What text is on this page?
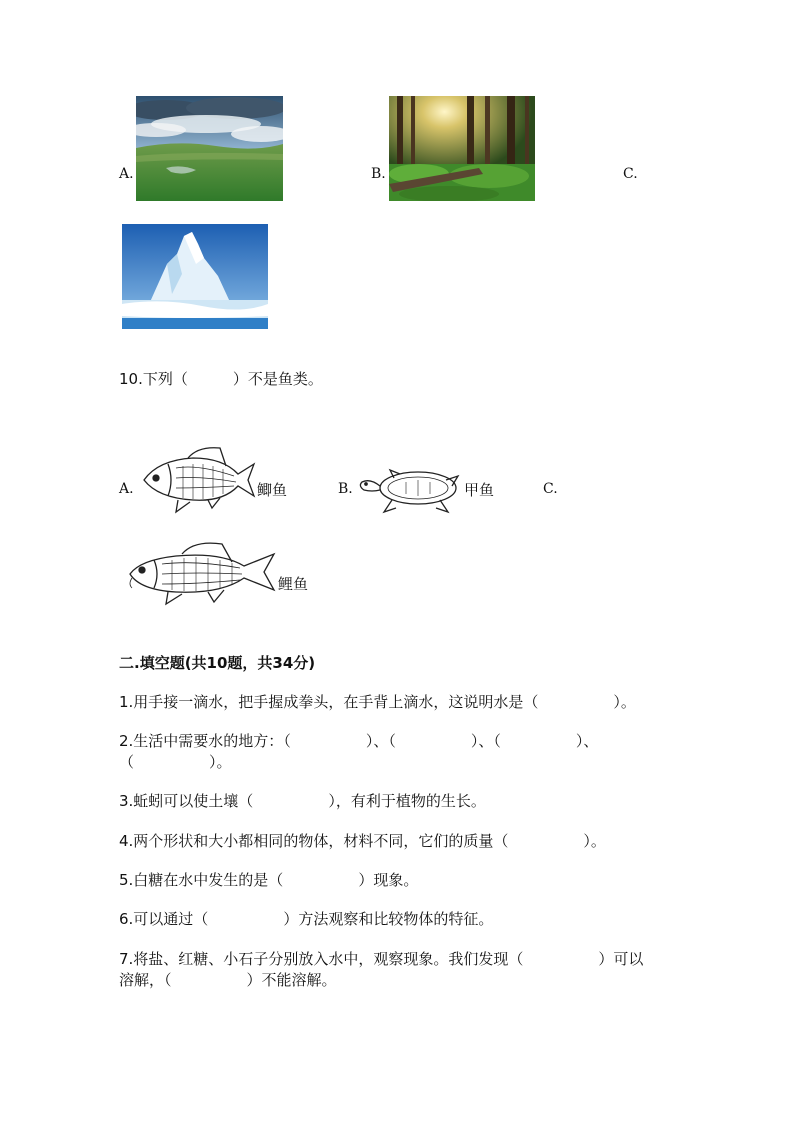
A.	B.	C.
10.下列（　　　）不是鱼类。
A.	鲫鱼	B.	甲鱼	C.
鲤鱼
二.填空题(共10题，共34分)
1.用手接一滴水，把手握成拳头，在手背上滴水，这说明水是（　　　　　）。
2.生活中需要水的地方：（　　　　　）、（　　　　　）、（　　　　　）、
（　　　　　）。
3.蚯蚓可以使土壤（　　　　　），有利于植物的生长。
4.两个形状和大小都相同的物体，材料不同，它们的质量（　　　　　）。
5.白糖在水中发生的是（　　　　　）现象。
6.可以通过（　　　　　）方法观察和比较物体的特征。
7.将盐、红糖、小石子分别放入水中，观察现象。我们发现（　　　　　）可以
溶解，（　　　　　）不能溶解。
